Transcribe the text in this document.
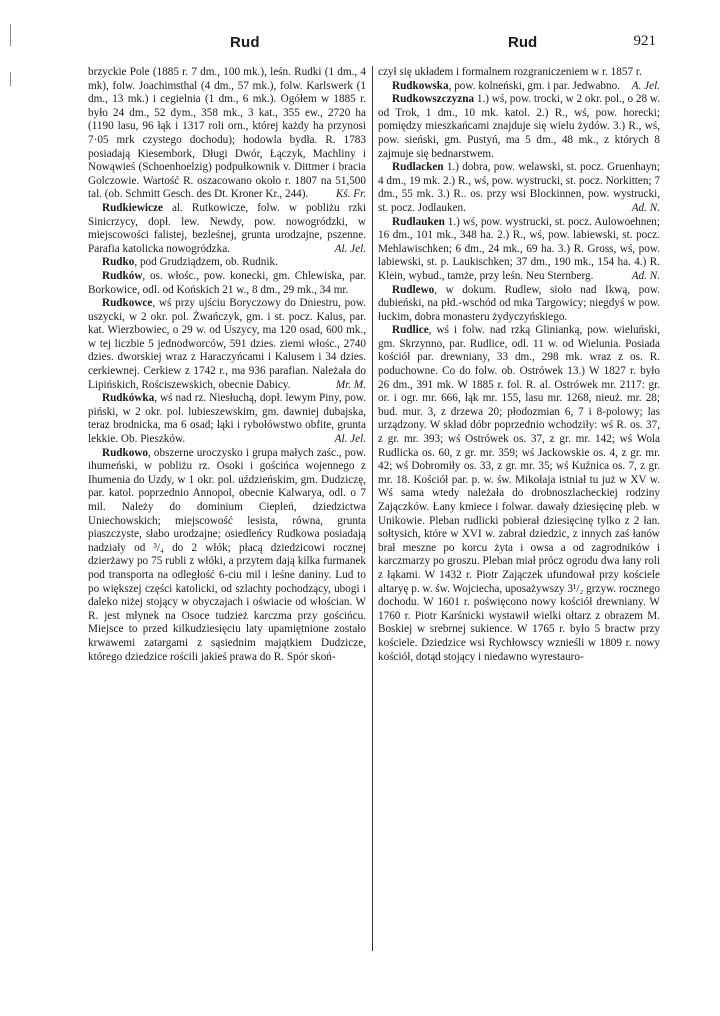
Rud	Rud	921

brzyckie Pole (1885 r. 7 dm., 100 mk.), leśn. Rudki (1 dm., 4 mk), folw. Joachimsthal (4 dm., 57 mk.), folw. Karlswerk (1 dm., 13 mk.) i cegielnia (1 dm., 6 mk.). Ogółem w 1885 r. było 24 dm., 52 dym., 358 mk., 3 kat., 355 ew., 2720 ha (1190 lasu, 96 łąk i 1317 roli orn., której każdy ha przynosi 7·05 mrk czystego dochodu); hodowla bydła. R. 1783 posiadają Kiesembork, Długi Dwór, Łączyk, Machliny i Nowąwieś (Schoenhoelzig) podpułkownik v. Dittmer i bracia Golczowie. Wartość R. oszacowano około r. 1807 na 51,500 tal. (ob. Schmitt Gesch. des Dt. Kroner Kr., 244).	Kś. Fr.

Rudkiewicze al. Rutkowicze, folw. w pobliżu rzki Sinicrzycy, dopł. lew. Newdy, pow. nowogródzki, w miejscowości falistej, bezleśnej, grunta urodzajne, pszenne. Parafia katolicka nowogródzka.	Al. Jel.

Rudko, pod Grudziądzem, ob. Rudnik.

Rudków, os. włośc., pow. konecki, gm. Chlewiska, par. Borkowice, odl. od Końskich 21 w., 8 dm., 29 mk., 34 mr.

Rudkowce, wś przy ujściu Boryczowy do Dniestru, pow. uszycki, w 2 okr. pol. Żwańczyk, gm. i st. pocz. Kalus, par. kat. Wierzbowiec, o 29 w. od Uszycy, ma 120 osad, 600 mk., w tej liczbie 5 jednodworców, 591 dzies. ziemi włośc., 2740 dzies. dworskiej wraz z Haraczyńcami i Kalusem i 34 dzies. cerkiewnej. Cerkiew z 1742 r., ma 936 parafian. Należała do Lipińskich, Rościszewskich, obecnie Dabicy.	Mr. M.

Rudkówka, wś nad rz. Niesłuchą, dopł. lewym Piny, pow. piński, w 2 okr. pol. lubieszewskim, gm. dawniej dubajska, teraz brodnicka, ma 6 osad; łąki i rybołówstwo obfite, grunta lekkie. Ob. Pieszków.	Al. Jel.

Rudkowo, obszerne uroczysko i grupa małych zaśc., pow. ihumeński, w pobliżu rz. Osoki i gościńca wojennego z Ihumenia do Uzdy, w 1 okr. pol. uździeńskim, gm. Dudziczę, par. katol. poprzednio Annopol, obecnie Kalwarya, odl. o 7 mil. Należy do dominium Ciepleń, dziedzictwa Uniechowskich; miejscowość lesista, równa, grunta piaszczyste, słabo urodzajne; osiedleńcy Rudkowa posiadają nadziały od ³/₄ do 2 włók; płacą dziedzicowi rocznej dzierżawy po 75 rubli z włóki, a przytem dają kilka furmanek pod transporta na odległość 6-ciu mil i leśne daniny. Lud to po większej części katolicki, od szlachty pochodzący, ubogi i daleko niżej stojący w obyczajach i oświacie od włościan. W R. jest młynek na Osoce tudzież karczma przy gościńcu. Miejsce to przed kilkudziesięciu laty upamiętnione zostało krwawemi zatargami z sąsiednim majątkiem Dudzicze, którego dziedzice rościli jakieś prawa do R. Spór skoń-

czył się układem i formalnem rozgraniczeniem w r. 1857 r.
A. Jel.

Rudkowska, pow. kolneński, gm. i par. Jedwabno.

Rudkowszczyzna 1.) wś, pow. trocki, w 2 okr. pol., o 28 w. od Trok, 1 dm., 10 mk. katol. 2.) R., wś, pow. horecki; pomiędzy mieszkańcami znajduje się wielu żydów. 3.) R., wś, pow. sieński, gm. Pustyń, ma 5 dm., 48 mk., z których 8 zajmuje się bednarstwem.

Rudlacken 1.) dobra, pow. welawski, st. pocz. Gruenhayn; 4 dm., 19 mk. 2.) R., wś, pow. wystrucki, st. pocz. Norkitten; 7 dm., 55 mk. 3.) R.. os. przy wsi Blockinnen, pow. wystrucki, st. pocz. Jodlauken.	Ad. N.

Rudlauken 1.) wś, pow. wystrucki, st. pocz. Aulowoehnen; 16 dm., 101 mk., 348 ha. 2.) R., wś, pow. labiewski, st. pocz. Mehlawischken; 6 dm., 24 mk., 69 ha. 3.) R. Gross, wś, pow. labiewski, st. p. Laukischken; 37 dm., 190 mk., 154 ha. 4.) R. Klein, wybud., tamże, przy leśn. Neu Sternberg.	Ad. N.

Rudlewo, w dokum. Rudlew, sioło nad Ikwą, pow. dubieński, na płd.-wschód od mka Targowicy; niegdyś w pow. łuckim, dobra monasteru żydyczyńskiego.

Rudlice, wś i folw. nad rzką Glinianką, pow. wieluński, gm. Skrzynno, par. Rudlice, odl. 11 w. od Wielunia. Posiada kościół par. drewniany, 33 dm., 298 mk. wraz z os. R. poduchowne. Co do folw. ob. Ostrówek 13.) W 1827 r. było 26 dm., 391 mk. W 1885 r. fol. R. al. Ostrówek mr. 2117: gr. or. i ogr. mr. 666, łąk mr. 155, lasu mr. 1268, nieuż. mr. 28; bud. mur. 3, z drzewa 20; płodozmian 6, 7 i 8-polowy; las urządzony. W skład dóbr poprzednio wchodziły: wś R. os. 37, z gr. mr. 393; wś Ostrówek os. 37, z gr. mr. 142; wś Wola Rudlicka os. 60, z gr. mr. 359; wś Jackowskie os. 4, z gr. mr. 42; wś Dobromiły os. 33, z gr. mr. 35; wś Kuźnica os. 7, z gr. mr. 18. Kościół par. p. w. św. Mikołaja istniał tu już w XV w. Wś sama wtedy należała do drobnoszlacheckiej rodziny Zajączków. Łany kmiece i folwar. dawały dziesięcinę pleb. w Unikowie. Pleban rudlicki pobierał dziesięcinę tylko z 2 łan. sołtysich, które w XVI w. zabrał dziedzic, z innych zaś łanów brał meszne po korcu żyta i owsa a od zagrodników i karczmarzy po groszu. Pleban miał prócz ogrodu dwa łany roli z łąkami. W 1432 r. Piotr Zajączek ufundował przy kościele altaryę p. w. św. Wojciecha, uposażywszy 3¹/₂ grzyw. rocznego dochodu. W 1601 r. poświęcono nowy kościół drewniany. W 1760 r. Piotr Karśnicki wystawił wielki ołtarz z obrazem M. Boskiej w srebrnej sukience. W 1765 r. było 5 bractw przy kościele. Dziedzice wsi Rychłowscy wznieśli w 1809 r. nowy kościół, dotąd stojący i niedawno wyrestauro-
